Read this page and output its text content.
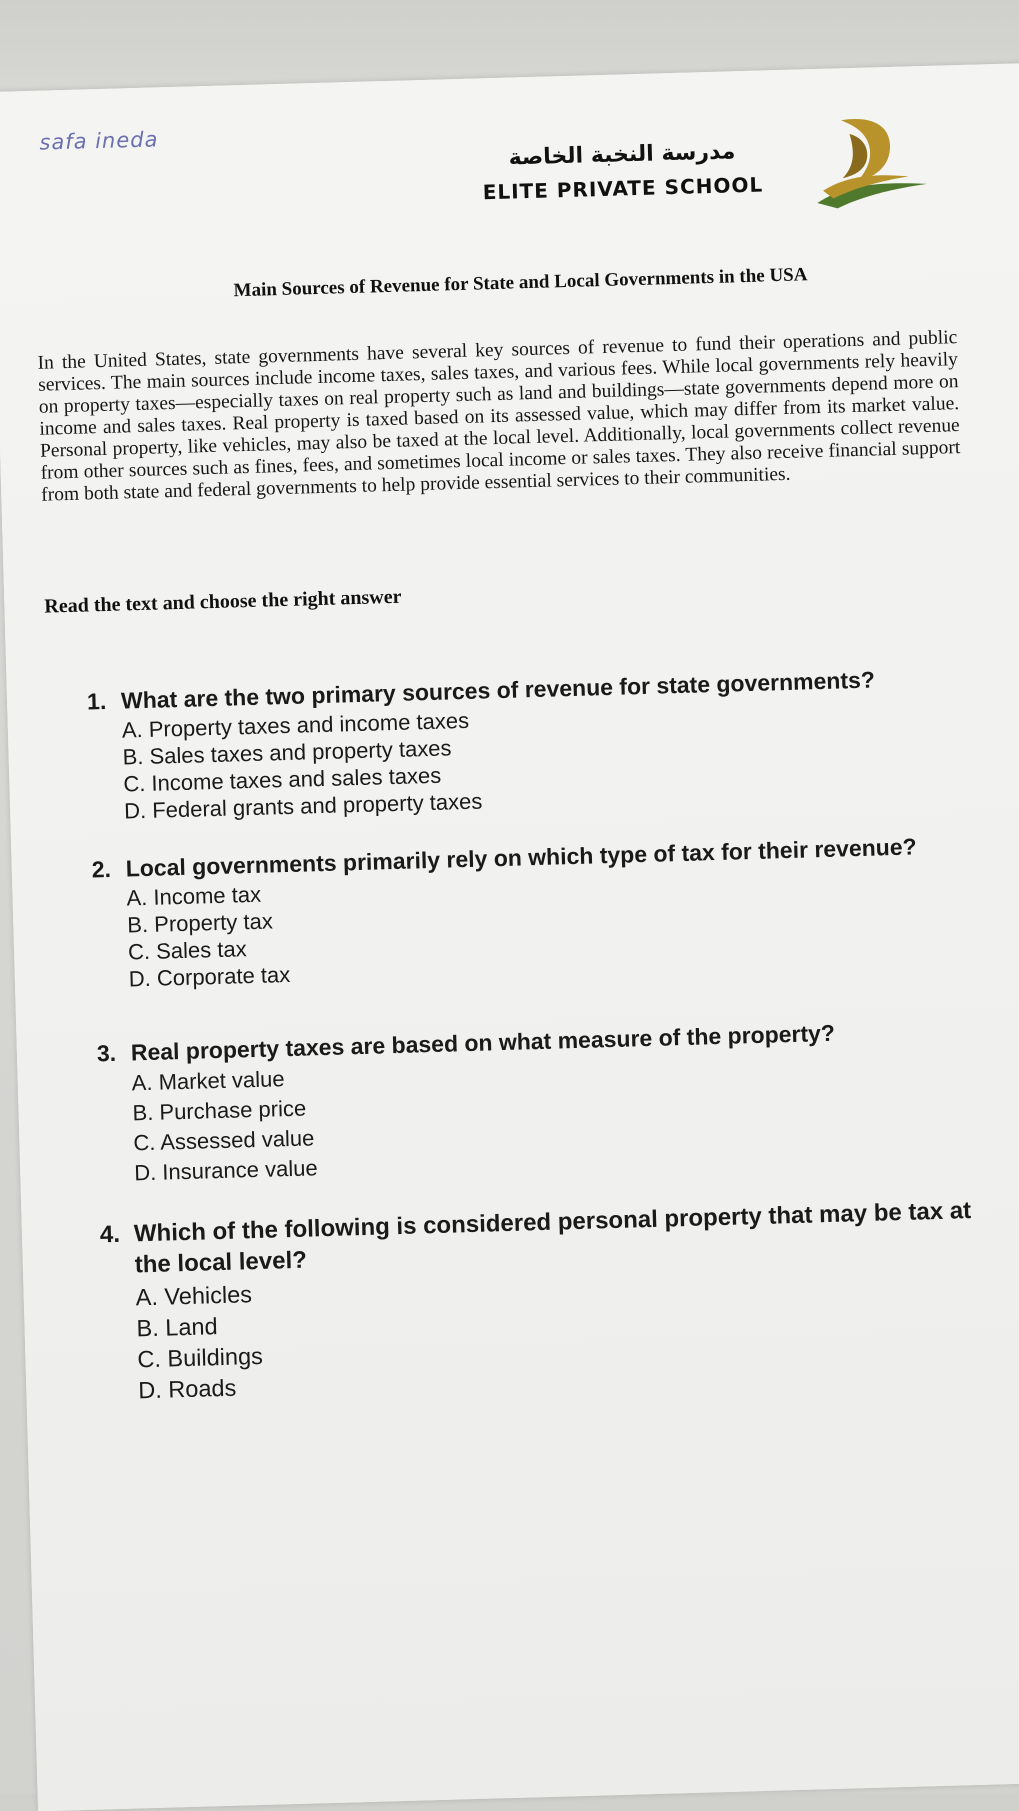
safa ineda	مدرسة النخبة الخاصة
ELITE PRIVATE SCHOOL
Main Sources of Revenue for State and Local Governments in the USA
In the United States, state governments have several key sources of revenue to fund their operations and public services. The main sources include income taxes, sales taxes, and various fees. While local governments rely heavily on property taxes—especially taxes on real property such as land and buildings—state governments depend more on income and sales taxes. Real property is taxed based on its assessed value, which may differ from its market value. Personal property, like vehicles, may also be taxed at the local level. Additionally, local governments collect revenue from other sources such as fines, fees, and sometimes local income or sales taxes. They also receive financial support from both state and federal governments to help provide essential services to their communities.
Read the text and choose the right answer
1. What are the two primary sources of revenue for state governments?
A. Property taxes and income taxes
B. Sales taxes and property taxes
C. Income taxes and sales taxes
D. Federal grants and property taxes
2. Local governments primarily rely on which type of tax for their revenue?
A. Income tax
B. Property tax
C. Sales tax
D. Corporate tax
3. Real property taxes are based on what measure of the property?
A. Market value
B. Purchase price
C. Assessed value
D. Insurance value
4. Which of the following is considered personal property that may be tax at the local level?
A. Vehicles
B. Land
C. Buildings
D. Roads
